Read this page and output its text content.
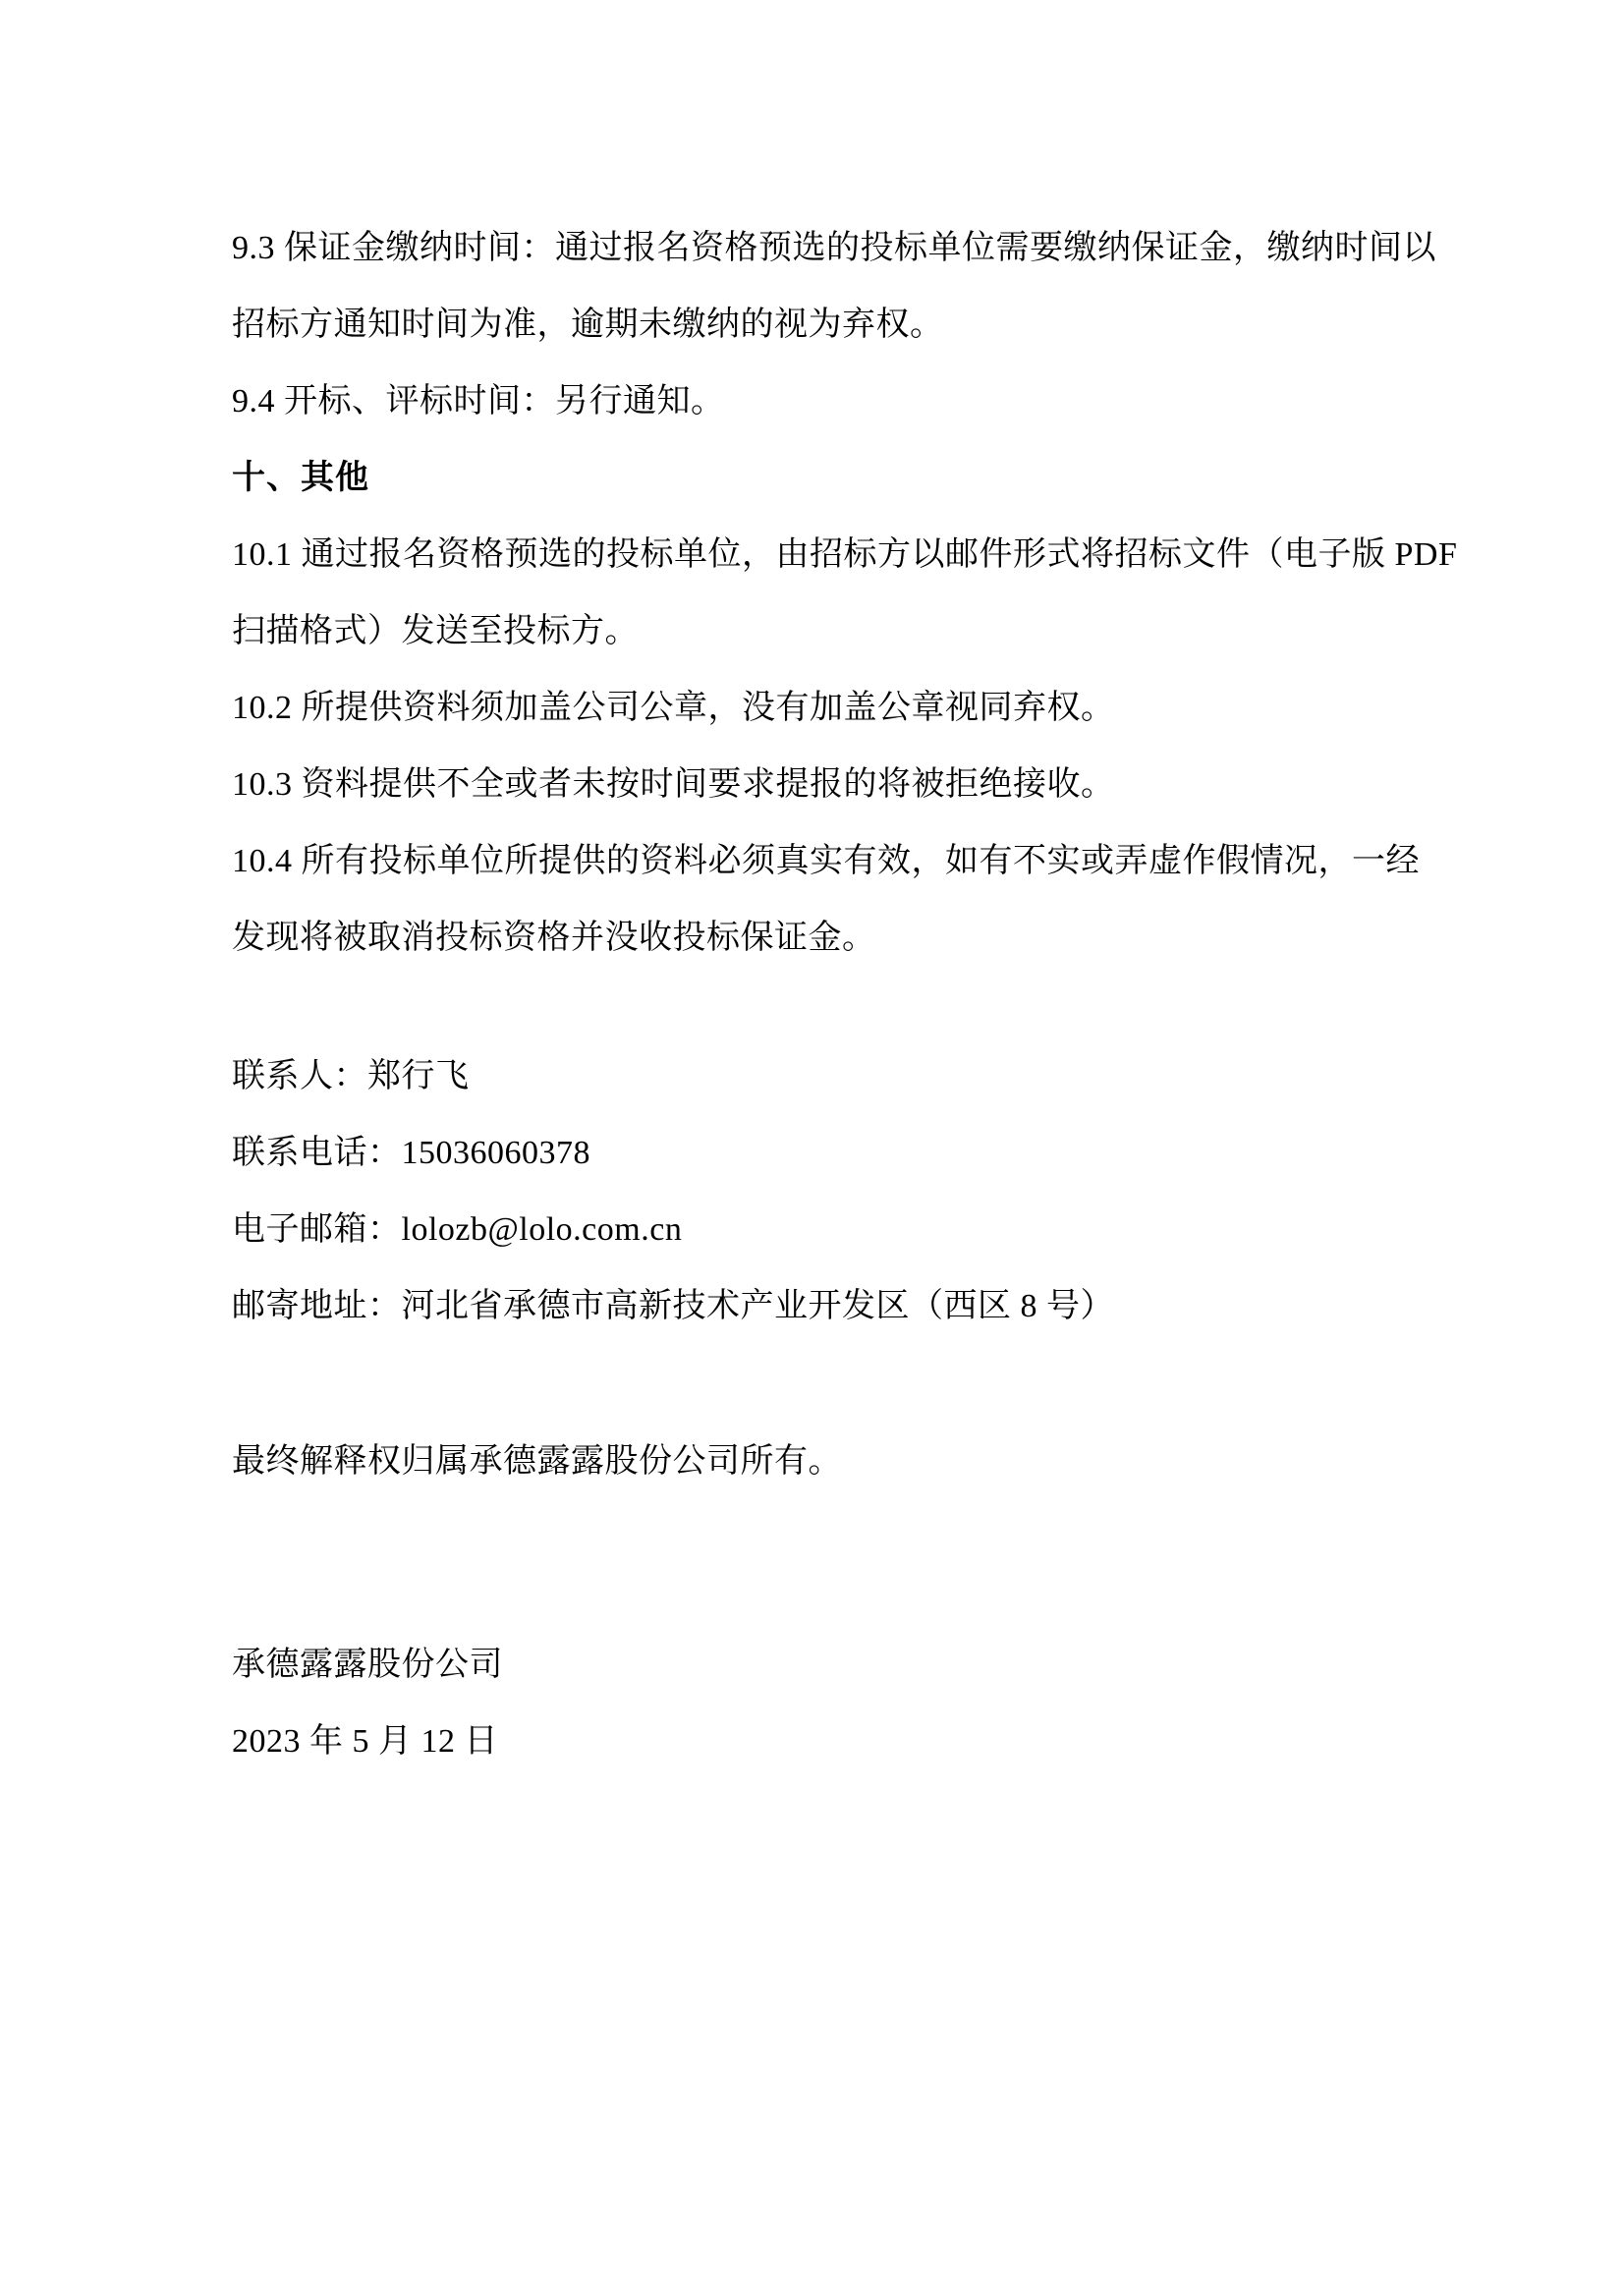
9.3 保证金缴纳时间：通过报名资格预选的投标单位需要缴纳保证金，缴纳时间以
招标方通知时间为准，逾期未缴纳的视为弃权。
9.4 开标、评标时间：另行通知。
十、其他
10.1 通过报名资格预选的投标单位，由招标方以邮件形式将招标文件（电子版 PDF
扫描格式）发送至投标方。
10.2 所提供资料须加盖公司公章，没有加盖公章视同弃权。
10.3 资料提供不全或者未按时间要求提报的将被拒绝接收。
10.4 所有投标单位所提供的资料必须真实有效，如有不实或弄虚作假情况，一经
发现将被取消投标资格并没收投标保证金。
联系人：郑行飞
联系电话：15036060378
电子邮箱：lolozb@lolo.com.cn
邮寄地址：河北省承德市高新技术产业开发区（西区 8 号）
最终解释权归属承德露露股份公司所有。
承德露露股份公司
2023 年 5 月 12 日
